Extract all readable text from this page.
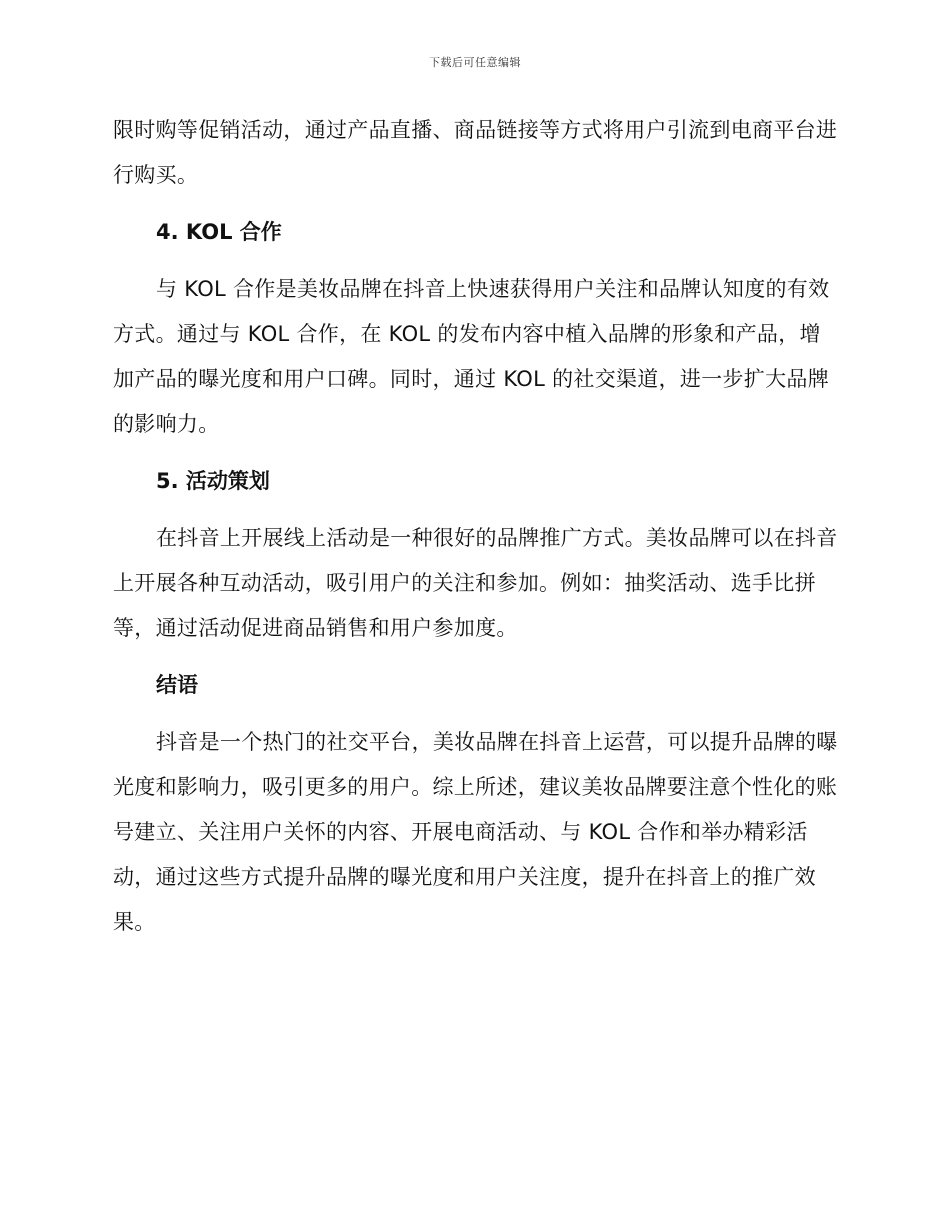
下载后可任意编辑

限时购等促销活动，通过产品直播、商品链接等方式将用户引流到电商平台进行购买。

4. KOL 合作

与 KOL 合作是美妆品牌在抖音上快速获得用户关注和品牌认知度的有效方式。通过与 KOL 合作，在 KOL 的发布内容中植入品牌的形象和产品，增加产品的曝光度和用户口碑。同时，通过 KOL 的社交渠道，进一步扩大品牌的影响力。

5. 活动策划

在抖音上开展线上活动是一种很好的品牌推广方式。美妆品牌可以在抖音上开展各种互动活动，吸引用户的关注和参加。例如：抽奖活动、选手比拼等，通过活动促进商品销售和用户参加度。

结语

抖音是一个热门的社交平台，美妆品牌在抖音上运营，可以提升品牌的曝光度和影响力，吸引更多的用户。综上所述，建议美妆品牌要注意个性化的账号建立、关注用户关怀的内容、开展电商活动、与 KOL 合作和举办精彩活动，通过这些方式提升品牌的曝光度和用户关注度，提升在抖音上的推广效果。
